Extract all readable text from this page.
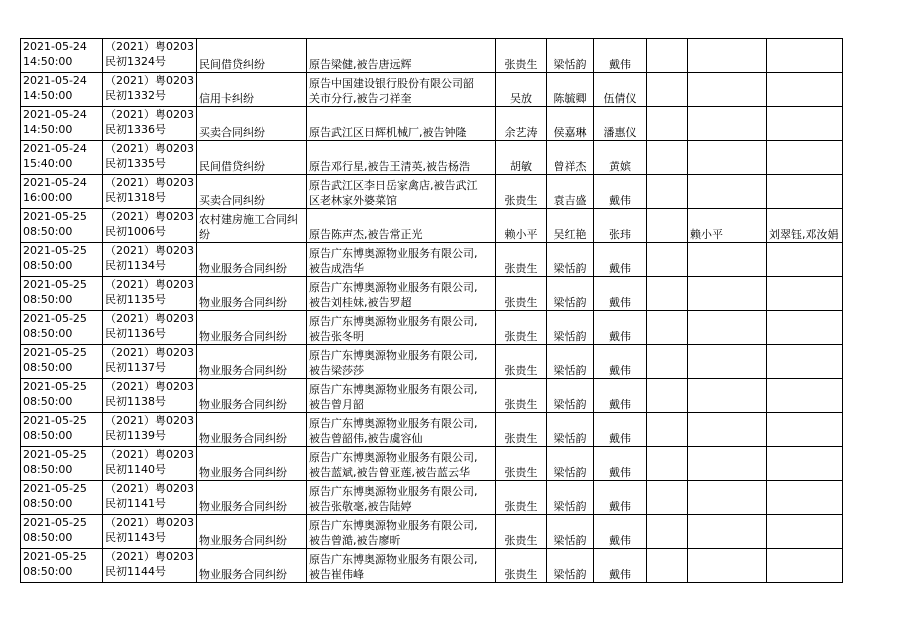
2021-05-24
14:50:00	（2021）粤0203
民初1324号	民间借贷纠纷	原告梁健,被告唐远辉	张贵生	梁恬韵	戴伟			

2021-05-24
14:50:00	（2021）粤0203
民初1332号	信用卡纠纷	原告中国建设银行股份有限公司韶
关市分行,被告刁祥奎	吴放	陈毓卿	伍倩仪			

2021-05-24
14:50:00	（2021）粤0203
民初1336号	买卖合同纠纷	原告武江区日辉机械厂,被告钟隆	余艺涛	侯嘉琳	潘惠仪			

2021-05-24
15:40:00	（2021）粤0203
民初1335号	民间借贷纠纷	原告邓行星,被告王清英,被告杨浩	胡敏	曾祥杰	黄嫔			

2021-05-24
16:00:00	（2021）粤0203
民初1318号	买卖合同纠纷	原告武江区李日岳家禽店,被告武江
区老林家外婆菜馆	张贵生	袁吉盛	戴伟			

2021-05-25
08:50:00	（2021）粤0203
民初1006号	农村建房施工合同纠纷	原告陈声杰,被告常正光	赖小平	吴红艳	张玮		赖小平	刘翠钰,邓汝娟

2021-05-25
08:50:00	（2021）粤0203
民初1134号	物业服务合同纠纷	原告广东博奥源物业服务有限公司,
被告成浩华	张贵生	梁恬韵	戴伟			

2021-05-25
08:50:00	（2021）粤0203
民初1135号	物业服务合同纠纷	原告广东博奥源物业服务有限公司,
被告刘桂妹,被告罗超	张贵生	梁恬韵	戴伟			

2021-05-25
08:50:00	（2021）粤0203
民初1136号	物业服务合同纠纷	原告广东博奥源物业服务有限公司,
被告张冬明	张贵生	梁恬韵	戴伟			

2021-05-25
08:50:00	（2021）粤0203
民初1137号	物业服务合同纠纷	原告广东博奥源物业服务有限公司,
被告梁莎莎	张贵生	梁恬韵	戴伟			

2021-05-25
08:50:00	（2021）粤0203
民初1138号	物业服务合同纠纷	原告广东博奥源物业服务有限公司,
被告曾月韶	张贵生	梁恬韵	戴伟			

2021-05-25
08:50:00	（2021）粤0203
民初1139号	物业服务合同纠纷	原告广东博奥源物业服务有限公司,
被告曾韶伟,被告虞容仙	张贵生	梁恬韵	戴伟			

2021-05-25
08:50:00	（2021）粤0203
民初1140号	物业服务合同纠纷	原告广东博奥源物业服务有限公司,
被告蓝斌,被告曾亚莲,被告蓝云华	张贵生	梁恬韵	戴伟			

2021-05-25
08:50:00	（2021）粤0203
民初1141号	物业服务合同纠纷	原告广东博奥源物业服务有限公司,
被告张敬毫,被告陆婷	张贵生	梁恬韵	戴伟			

2021-05-25
08:50:00	（2021）粤0203
民初1143号	物业服务合同纠纷	原告广东博奥源物业服务有限公司,
被告曾澔,被告廖昕	张贵生	梁恬韵	戴伟			

2021-05-25
08:50:00	（2021）粤0203
民初1144号	物业服务合同纠纷	原告广东博奥源物业服务有限公司,
被告崔伟峰	张贵生	梁恬韵	戴伟			
